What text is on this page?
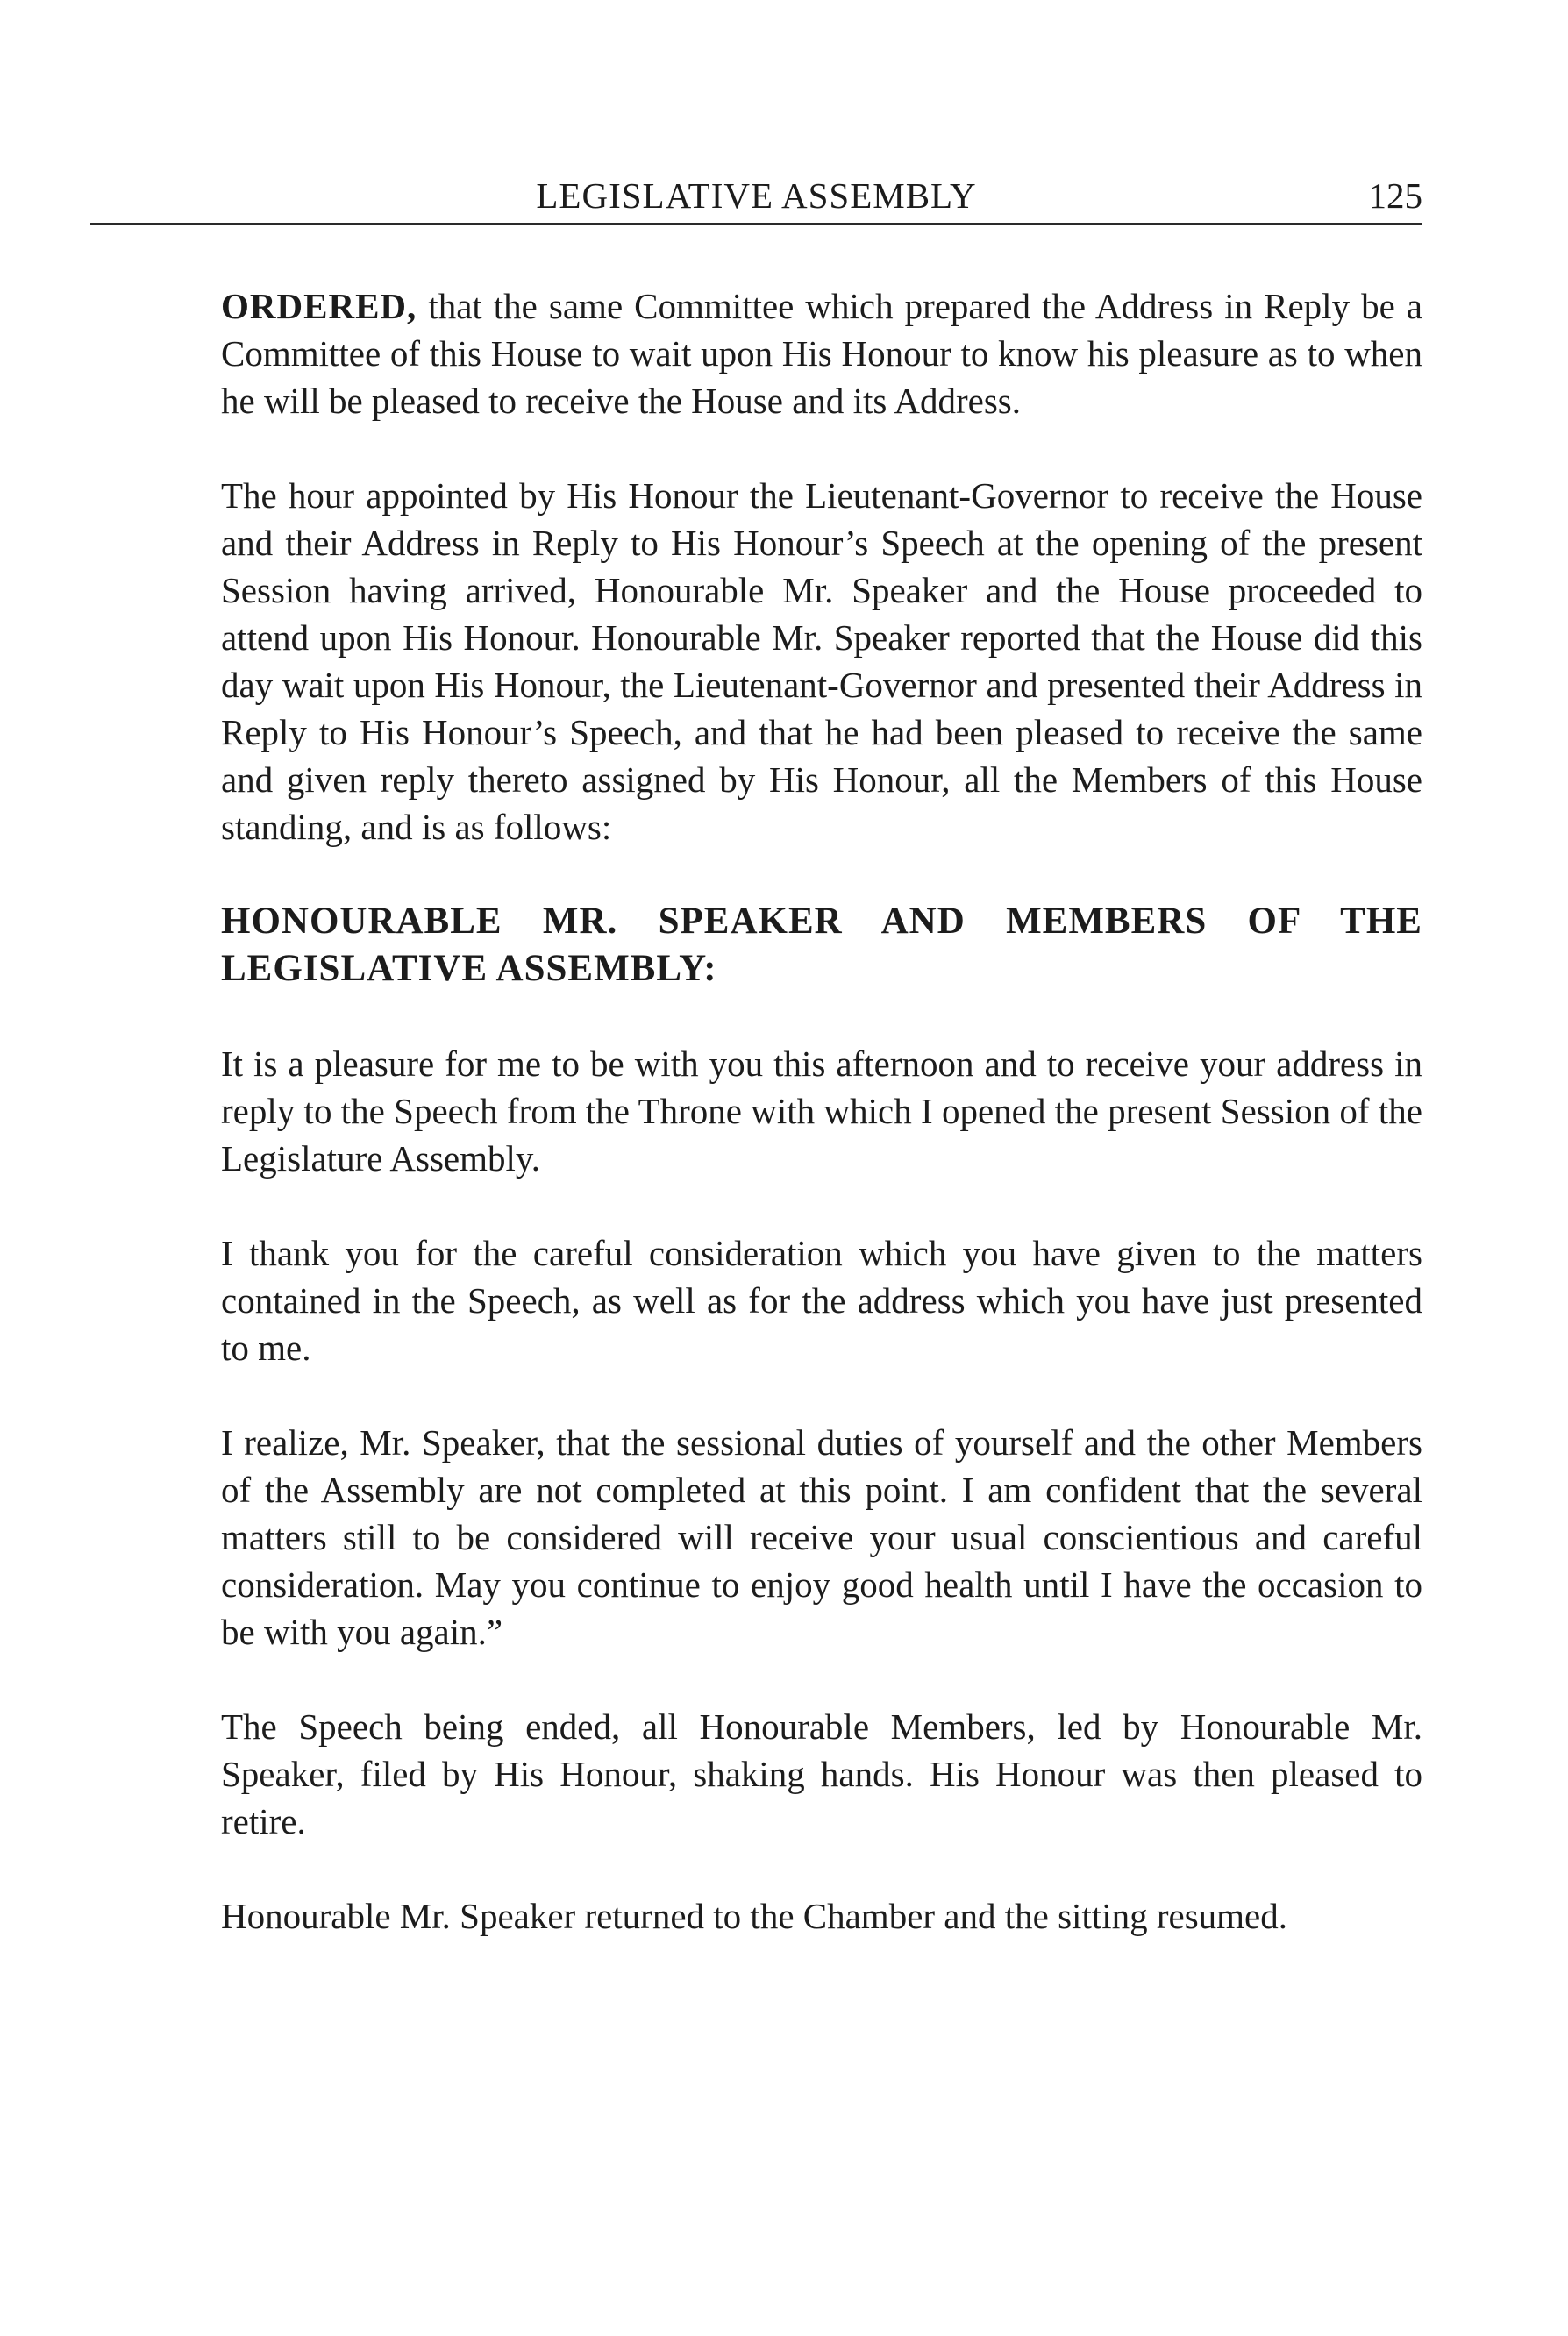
LEGISLATIVE ASSEMBLY	125

ORDERED, that the same Committee which prepared the Address in Reply be a Committee of this House to wait upon His Honour to know his pleasure as to when he will be pleased to receive the House and its Address.

The hour appointed by His Honour the Lieutenant-Governor to receive the House and their Address in Reply to His Honour’s Speech at the opening of the present Session having arrived, Honourable Mr. Speaker and the House proceeded to attend upon His Honour. Honourable Mr. Speaker reported that the House did this day wait upon His Honour, the Lieutenant-Governor and presented their Address in Reply to His Honour’s Speech, and that he had been pleased to receive the same and given reply thereto assigned by His Honour, all the Members of this House standing, and is as follows:

HONOURABLE MR. SPEAKER AND MEMBERS OF THE LEGISLATIVE ASSEMBLY:

It is a pleasure for me to be with you this afternoon and to receive your address in reply to the Speech from the Throne with which I opened the present Session of the Legislature Assembly.

I thank you for the careful consideration which you have given to the matters contained in the Speech, as well as for the address which you have just presented to me.

I realize, Mr. Speaker, that the sessional duties of yourself and the other Members of the Assembly are not completed at this point. I am confident that the several matters still to be considered will receive your usual conscientious and careful consideration. May you continue to enjoy good health until I have the occasion to be with you again.”

The Speech being ended, all Honourable Members, led by Honourable Mr. Speaker, filed by His Honour, shaking hands. His Honour was then pleased to retire.

Honourable Mr. Speaker returned to the Chamber and the sitting resumed.
